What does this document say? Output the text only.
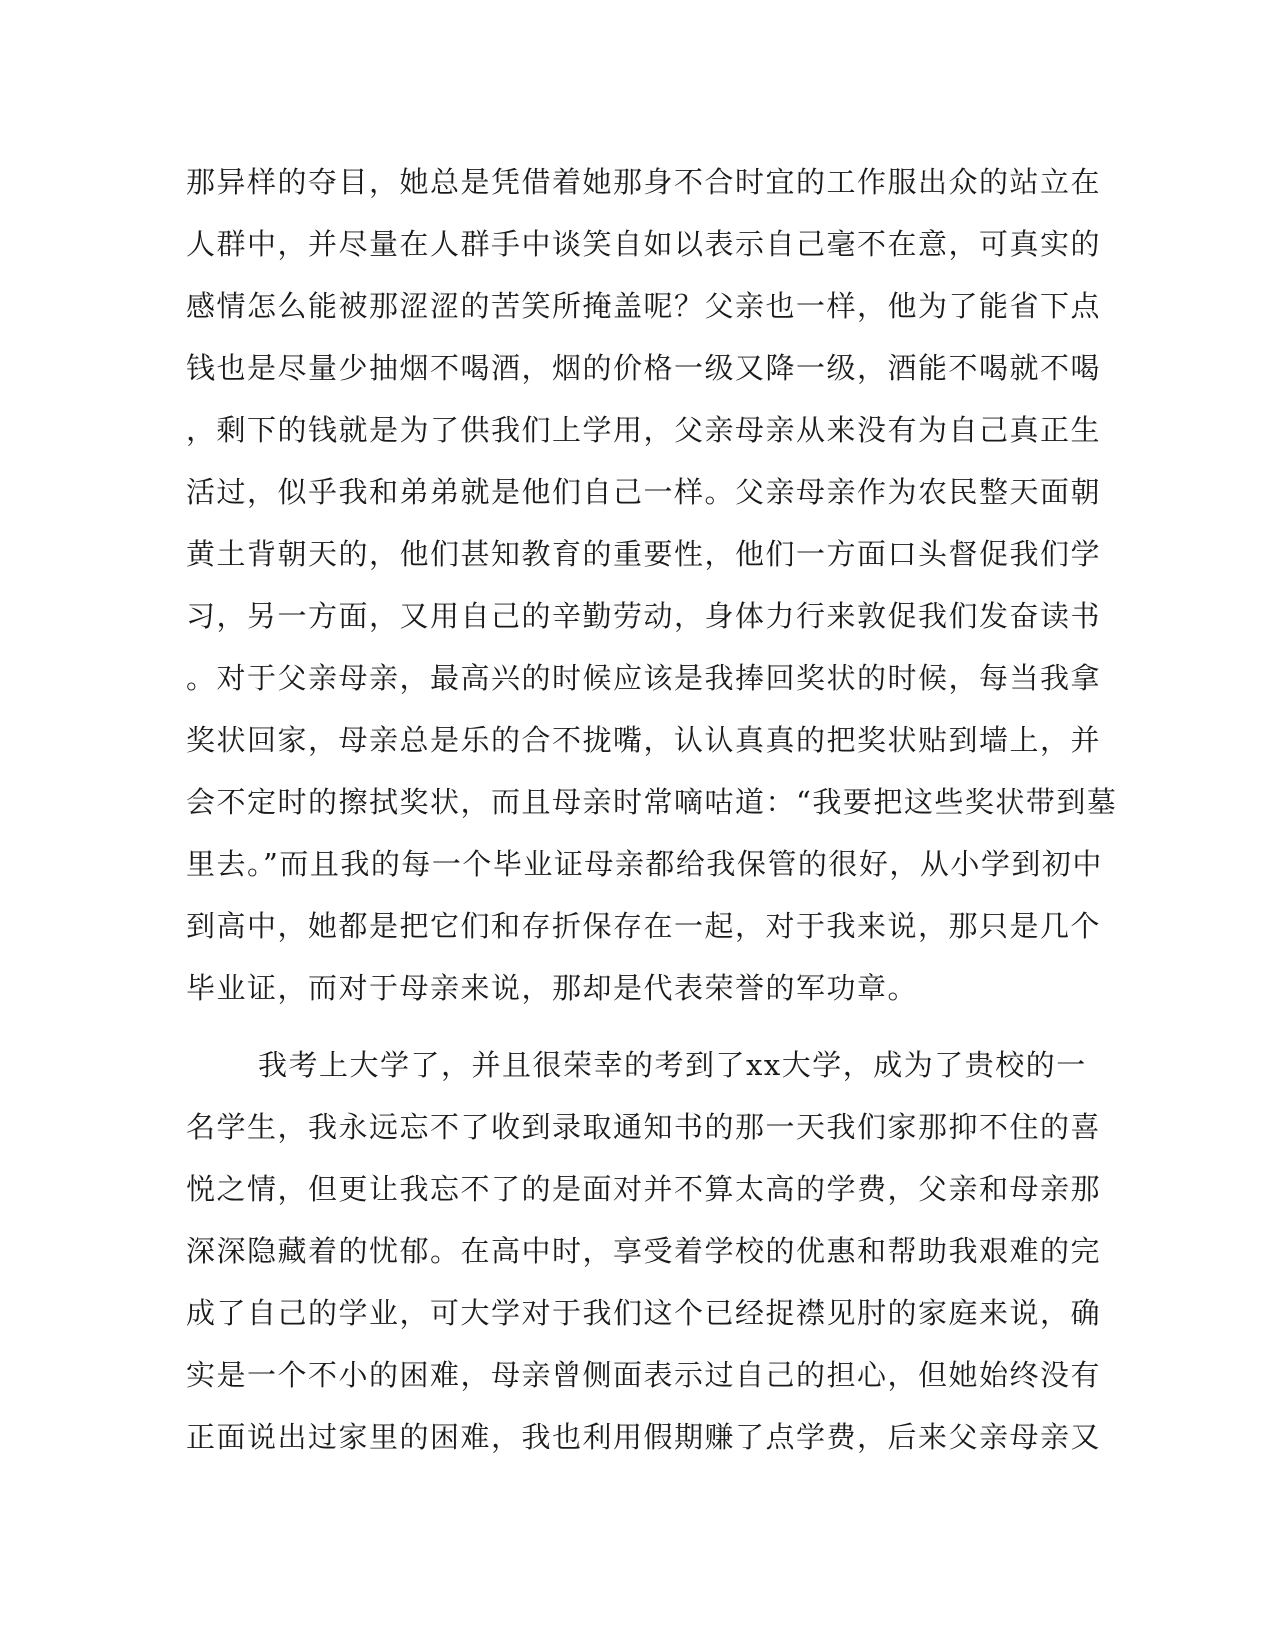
那异样的夺目，她总是凭借着她那身不合时宜的工作服出众的站立在
人群中，并尽量在人群手中谈笑自如以表示自己毫不在意，可真实的
感情怎么能被那涩涩的苦笑所掩盖呢？父亲也一样，他为了能省下点
钱也是尽量少抽烟不喝酒，烟的价格一级又降一级，酒能不喝就不喝
，剩下的钱就是为了供我们上学用，父亲母亲从来没有为自己真正生
活过，似乎我和弟弟就是他们自己一样。父亲母亲作为农民整天面朝
黄土背朝天的，他们甚知教育的重要性，他们一方面口头督促我们学
习，另一方面，又用自己的辛勤劳动，身体力行来敦促我们发奋读书
。对于父亲母亲，最高兴的时候应该是我捧回奖状的时候，每当我拿
奖状回家，母亲总是乐的合不拢嘴，认认真真的把奖状贴到墙上，并
会不定时的擦拭奖状，而且母亲时常嘀咕道：“我要把这些奖状带到墓
里去。”而且我的每一个毕业证母亲都给我保管的很好，从小学到初中
到高中，她都是把它们和存折保存在一起，对于我来说，那只是几个
毕业证，而对于母亲来说，那却是代表荣誉的军功章。
我考上大学了，并且很荣幸的考到了xx大学，成为了贵校的一
名学生，我永远忘不了收到录取通知书的那一天我们家那抑不住的喜
悦之情，但更让我忘不了的是面对并不算太高的学费，父亲和母亲那
深深隐藏着的忧郁。在高中时，享受着学校的优惠和帮助我艰难的完
成了自己的学业，可大学对于我们这个已经捉襟见肘的家庭来说，确
实是一个不小的困难，母亲曾侧面表示过自己的担心，但她始终没有
正面说出过家里的困难，我也利用假期赚了点学费，后来父亲母亲又
